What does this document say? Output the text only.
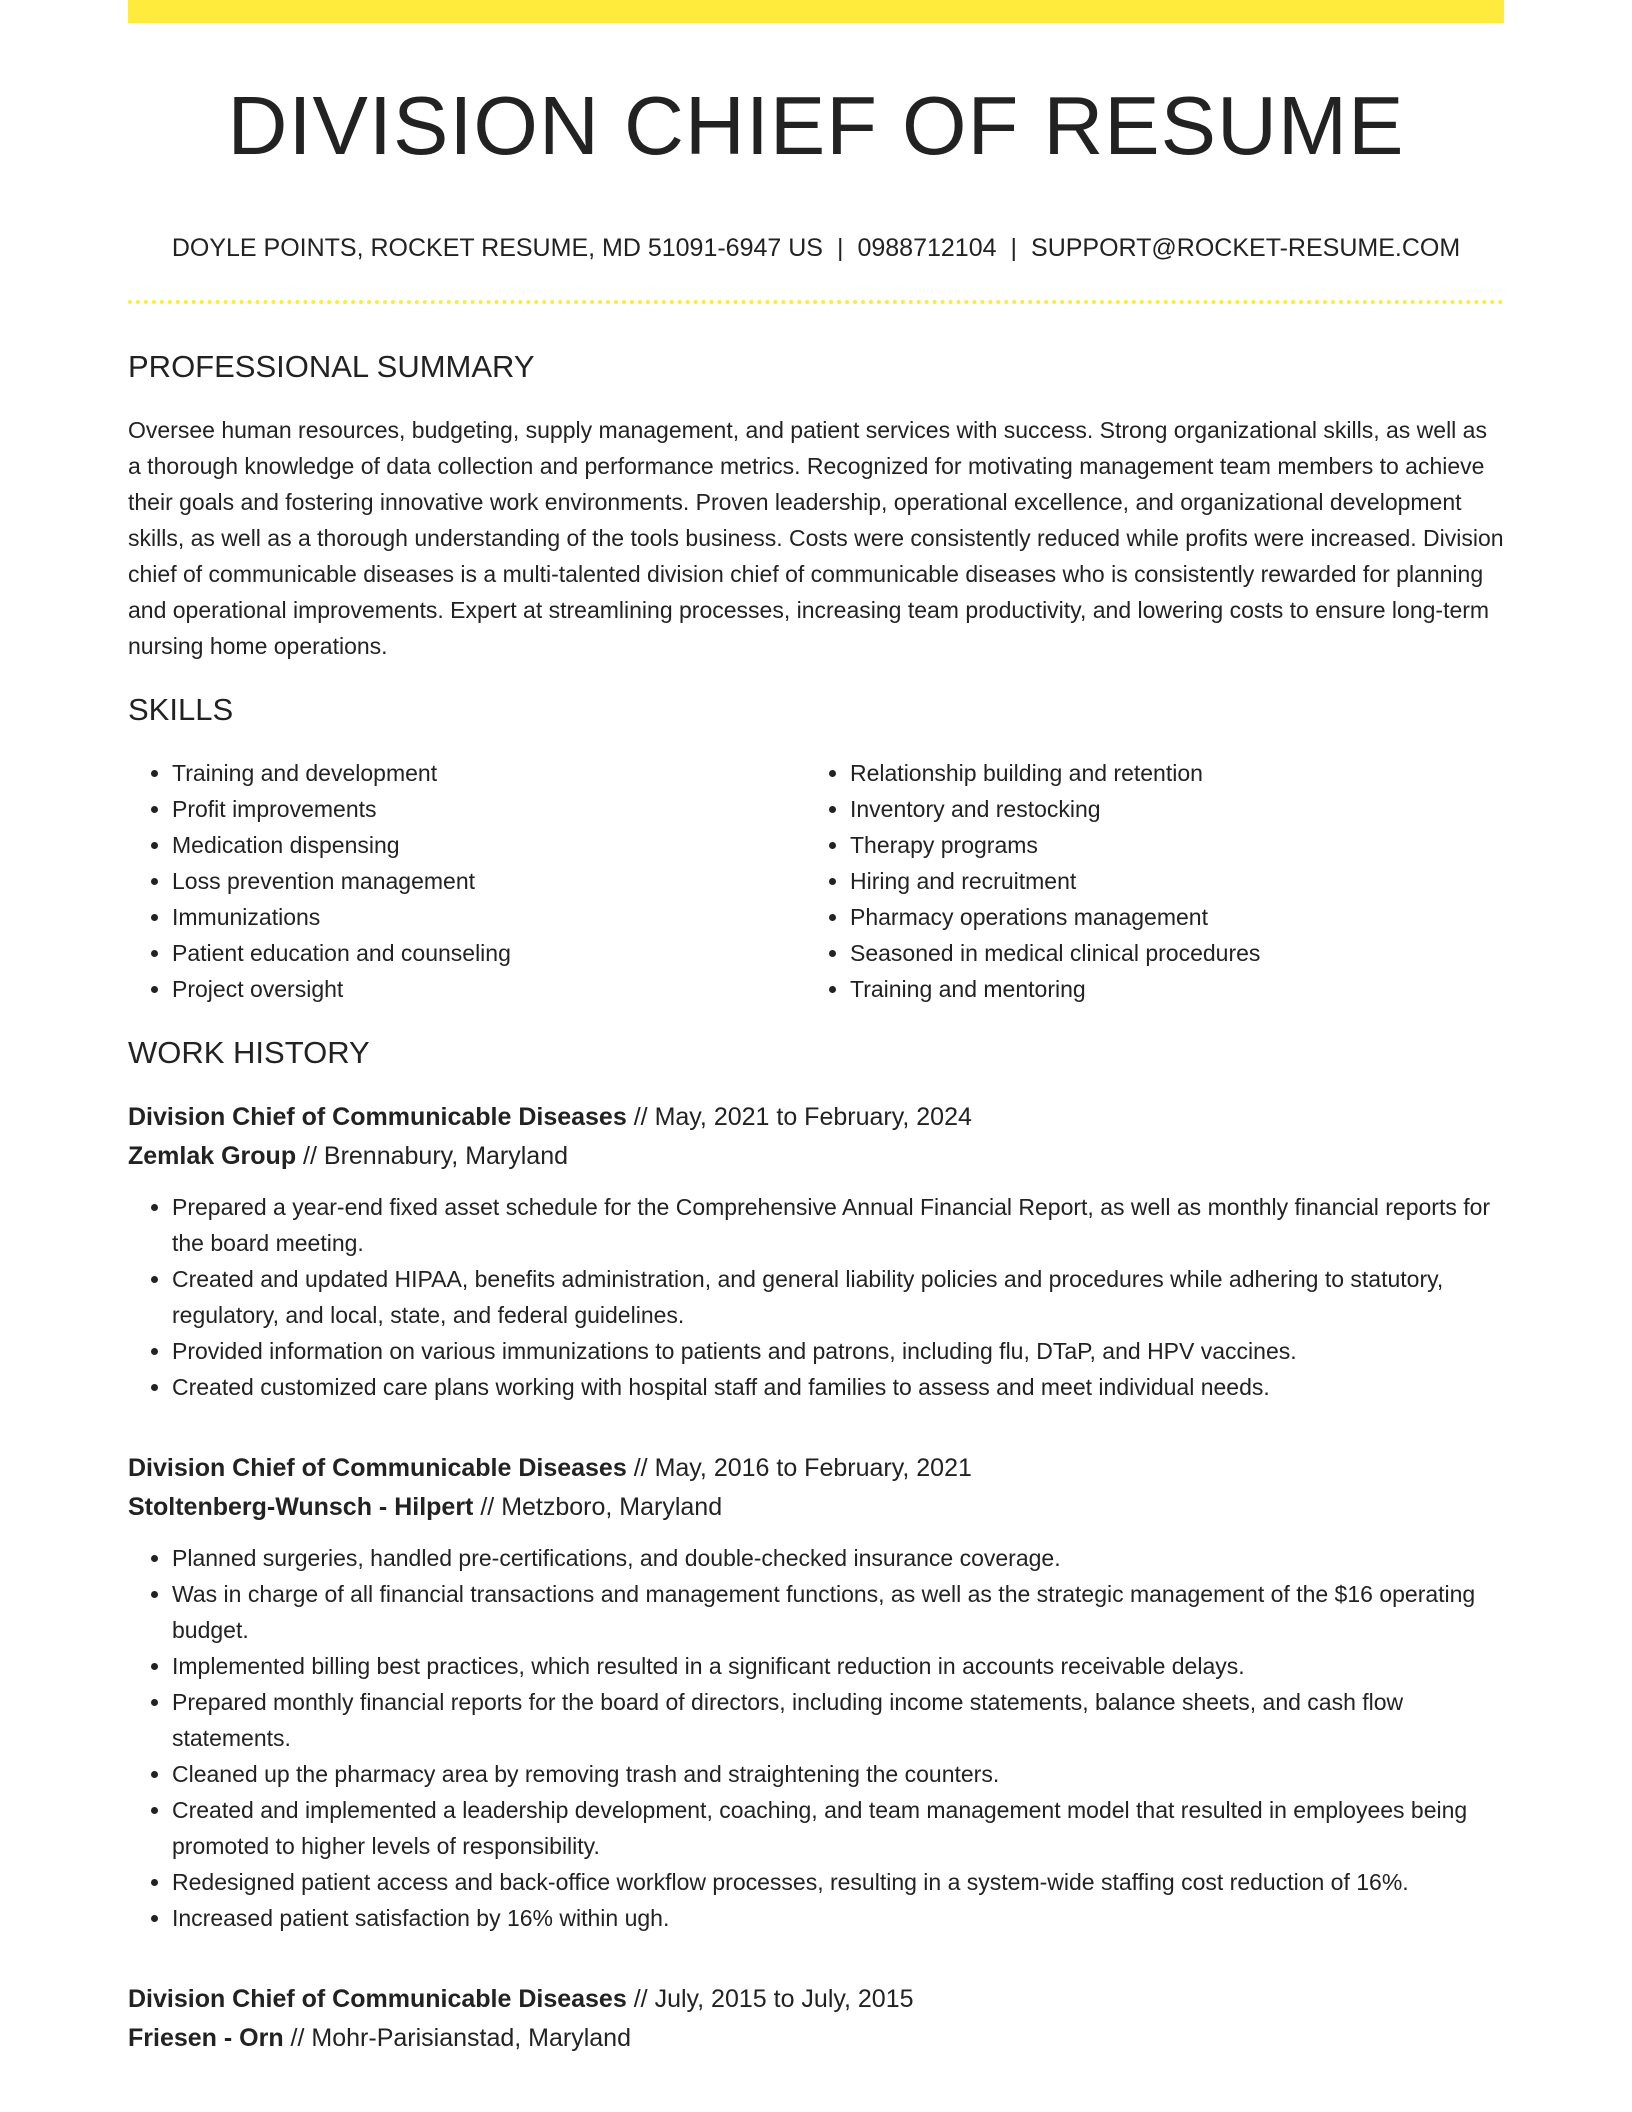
DIVISION CHIEF OF RESUME
DOYLE POINTS, ROCKET RESUME, MD 51091-6947 US | 0988712104 | SUPPORT@ROCKET-RESUME.COM
PROFESSIONAL SUMMARY

Oversee human resources, budgeting, supply management, and patient services with success. Strong organizational skills, as well as a thorough knowledge of data collection and performance metrics. Recognized for motivating management team members to achieve their goals and fostering innovative work environments. Proven leadership, operational excellence, and organizational development skills, as well as a thorough understanding of the tools business. Costs were consistently reduced while profits were increased. Division chief of communicable diseases is a multi-talented division chief of communicable diseases who is consistently rewarded for planning and operational improvements. Expert at streamlining processes, increasing team productivity, and lowering costs to ensure long-term nursing home operations.

SKILLS
• Training and development
• Profit improvements
• Medication dispensing
• Loss prevention management
• Immunizations
• Patient education and counseling
• Project oversight
• Relationship building and retention
• Inventory and restocking
• Therapy programs
• Hiring and recruitment
• Pharmacy operations management
• Seasoned in medical clinical procedures
• Training and mentoring
WORK HISTORY
Division Chief of Communicable Diseases // May, 2021 to February, 2024
Zemlak Group // Brennabury, Maryland
• Prepared a year-end fixed asset schedule for the Comprehensive Annual Financial Report, as well as monthly financial reports for the board meeting.
• Created and updated HIPAA, benefits administration, and general liability policies and procedures while adhering to statutory, regulatory, and local, state, and federal guidelines.
• Provided information on various immunizations to patients and patrons, including flu, DTaP, and HPV vaccines.
• Created customized care plans working with hospital staff and families to assess and meet individual needs.
Division Chief of Communicable Diseases // May, 2016 to February, 2021
Stoltenberg-Wunsch - Hilpert // Metzboro, Maryland
• Planned surgeries, handled pre-certifications, and double-checked insurance coverage.
• Was in charge of all financial transactions and management functions, as well as the strategic management of the $16 operating budget.
• Implemented billing best practices, which resulted in a significant reduction in accounts receivable delays.
• Prepared monthly financial reports for the board of directors, including income statements, balance sheets, and cash flow statements.
• Cleaned up the pharmacy area by removing trash and straightening the counters.
• Created and implemented a leadership development, coaching, and team management model that resulted in employees being promoted to higher levels of responsibility.
• Redesigned patient access and back-office workflow processes, resulting in a system-wide staffing cost reduction of 16%.
• Increased patient satisfaction by 16% within ugh.
Division Chief of Communicable Diseases // July, 2015 to July, 2015
Friesen - Orn // Mohr-Parisianstad, Maryland
